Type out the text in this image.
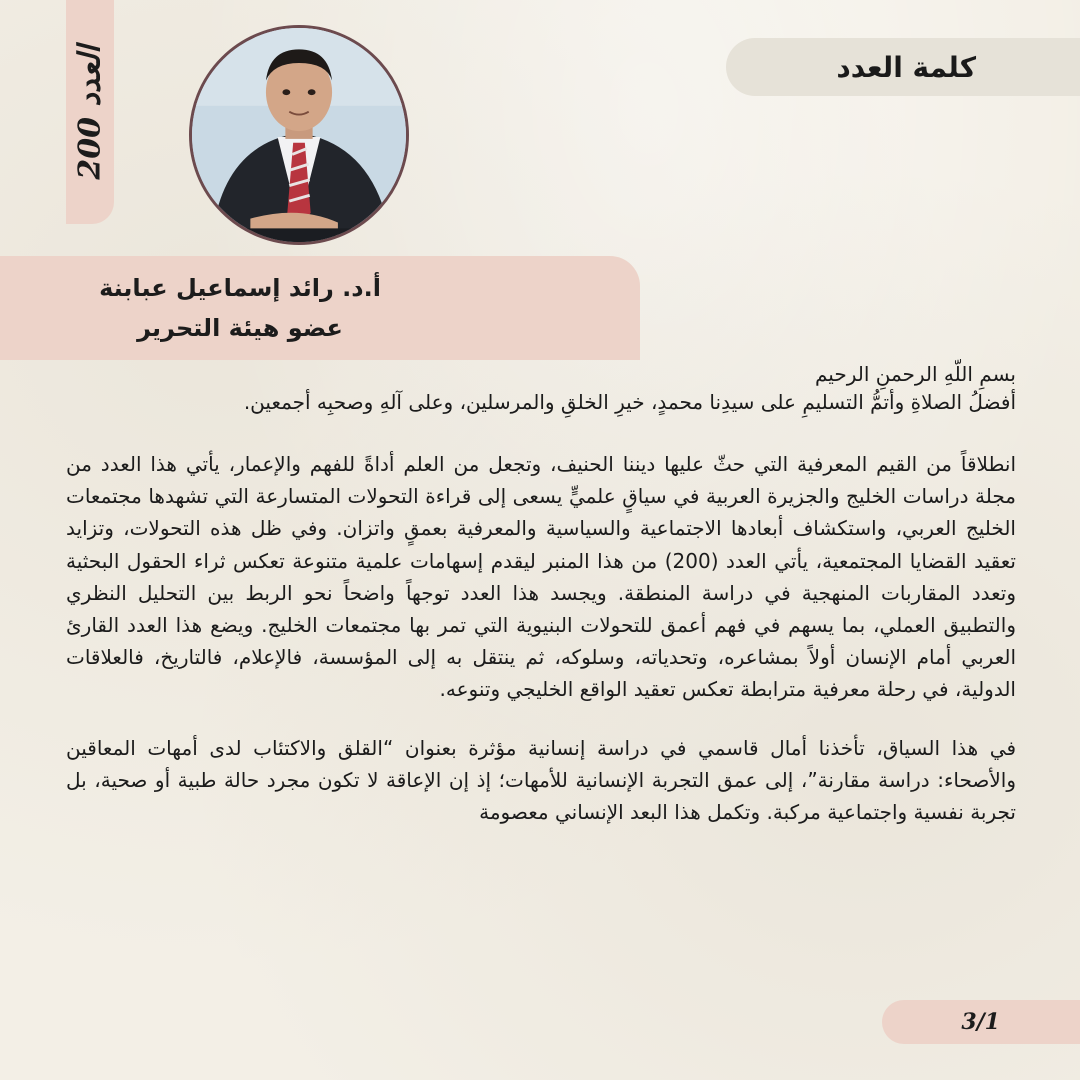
العدد 200	كلمة العدد
أ.د. رائد إسماعيل عبابنة
عضو هيئة التحرير

بسمِ اللّهِ الرحمنِ الرحيم

أفضلُ الصلاةِ وأتمُّ التسليمِ على سيدِنا محمدٍ، خيرِ الخلقِ والمرسلين، وعلى آلهِ وصحبِه أجمعين.

انطلاقاً من القيم المعرفية التي حثّ عليها ديننا الحنيف، وتجعل من العلم أداةً للفهم والإعمار، يأتي هذا العدد من مجلة دراسات الخليج والجزيرة العربية في سياقٍ علميٍّ يسعى إلى قراءة التحولات المتسارعة التي تشهدها مجتمعات الخليج العربي، واستكشاف أبعادها الاجتماعية والسياسية والمعرفية بعمقٍ واتزان. وفي ظل هذه التحولات، وتزايد تعقيد القضايا المجتمعية، يأتي العدد (200) من هذا المنبر ليقدم إسهامات علمية متنوعة تعكس ثراء الحقول البحثية وتعدد المقاربات المنهجية في دراسة المنطقة. ويجسد هذا العدد توجهاً واضحاً نحو الربط بين التحليل النظري والتطبيق العملي، بما يسهم في فهم أعمق للتحولات البنيوية التي تمر بها مجتمعات الخليج. ويضع هذا العدد القارئ العربي أمام الإنسان أولاً بمشاعره، وتحدياته، وسلوكه، ثم ينتقل به إلى المؤسسة، فالإعلام، فالتاريخ، فالعلاقات الدولية، في رحلة معرفية مترابطة تعكس تعقيد الواقع الخليجي وتنوعه.

في هذا السياق، تأخذنا أمال قاسمي في دراسة إنسانية مؤثرة بعنوان “القلق والاكتئاب لدى أمهات المعاقين والأصحاء: دراسة مقارنة”، إلى عمق التجربة الإنسانية للأمهات؛ إذ إن الإعاقة لا تكون مجرد حالة طبية أو صحية، بل تجربة نفسية واجتماعية مركبة. وتكمل هذا البعد الإنساني معصومة

3/1
